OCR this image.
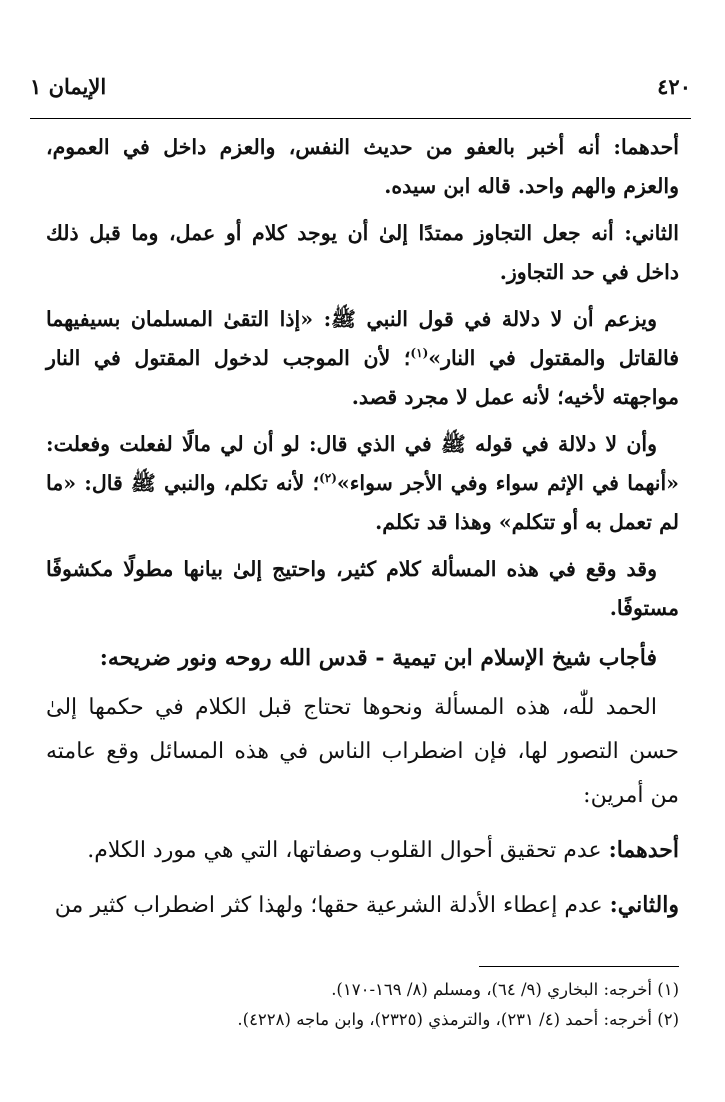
٤٢٠
الإيمان ١

أحدهما: أنه أخبر بالعفو من حديث النفس، والعزم داخل في العموم، والعزم والهم واحد. قاله ابن سيده.

الثاني: أنه جعل التجاوز ممتدًا إلىٰ أن يوجد كلام أو عمل، وما قبل ذلك داخل في حد التجاوز.

ويزعم أن لا دلالة في قول النبي ﷺ: «إذا التقىٰ المسلمان بسيفيهما فالقاتل والمقتول في النار»$^{(١)}$؛ لأن الموجب لدخول المقتول في النار مواجهته لأخيه؛ لأنه عمل لا مجرد قصد.

وأن لا دلالة في قوله ﷺ في الذي قال: لو أن لي مالًا لفعلت وفعلت: «أنهما في الإثم سواء وفي الأجر سواء»$^{(٢)}$؛ لأنه تكلم، والنبي ﷺ قال: «ما لم تعمل به أو تتكلم» وهذا قد تكلم.

وقد وقع في هذه المسألة كلام كثير، واحتيج إلىٰ بيانها مطولًا مكشوفًا مستوفًا.

فأجاب شيخ الإسلام ابن تيمية - قدس الله روحه ونور ضريحه:

الحمد للّٰه، هذه المسألة ونحوها تحتاج قبل الكلام في حكمها إلىٰ حسن التصور لها، فإن اضطراب الناس في هذه المسائل وقع عامته من أمرين:

أحدهما: عدم تحقيق أحوال القلوب وصفاتها، التي هي مورد الكلام.

والثاني: عدم إعطاء الأدلة الشرعية حقها؛ ولهذا كثر اضطراب كثير من

(١) أخرجه: البخاري (٩/ ٦٤)، ومسلم (٨/ ١٦٩-١٧٠).

(٢) أخرجه: أحمد (٤/ ٢٣١)، والترمذي (٢٣٢٥)، وابن ماجه (٤٢٢٨).
